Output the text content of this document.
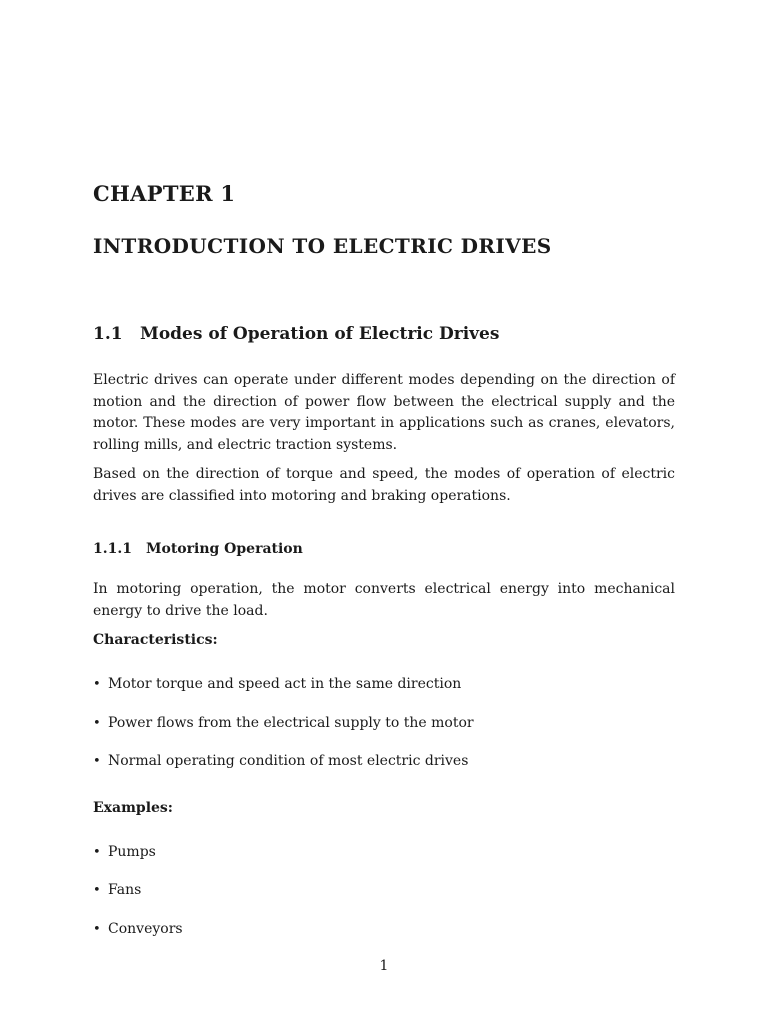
CHAPTER 1
INTRODUCTION TO ELECTRIC DRIVES
1.1 Modes of Operation of Electric Drives

Electric drives can operate under different modes depending on the direction of motion and the direction of power flow between the electrical supply and the motor. These modes are very important in applications such as cranes, elevators, rolling mills, and electric traction systems.

Based on the direction of torque and speed, the modes of operation of electric drives are classified into motoring and braking operations.

1.1.1 Motoring Operation

In motoring operation, the motor converts electrical energy into mechanical energy to drive the load.

Characteristics:
• Motor torque and speed act in the same direction
• Power flows from the electrical supply to the motor
• Normal operating condition of most electric drives
Examples:
• Pumps
• Fans
• Conveyors
1
